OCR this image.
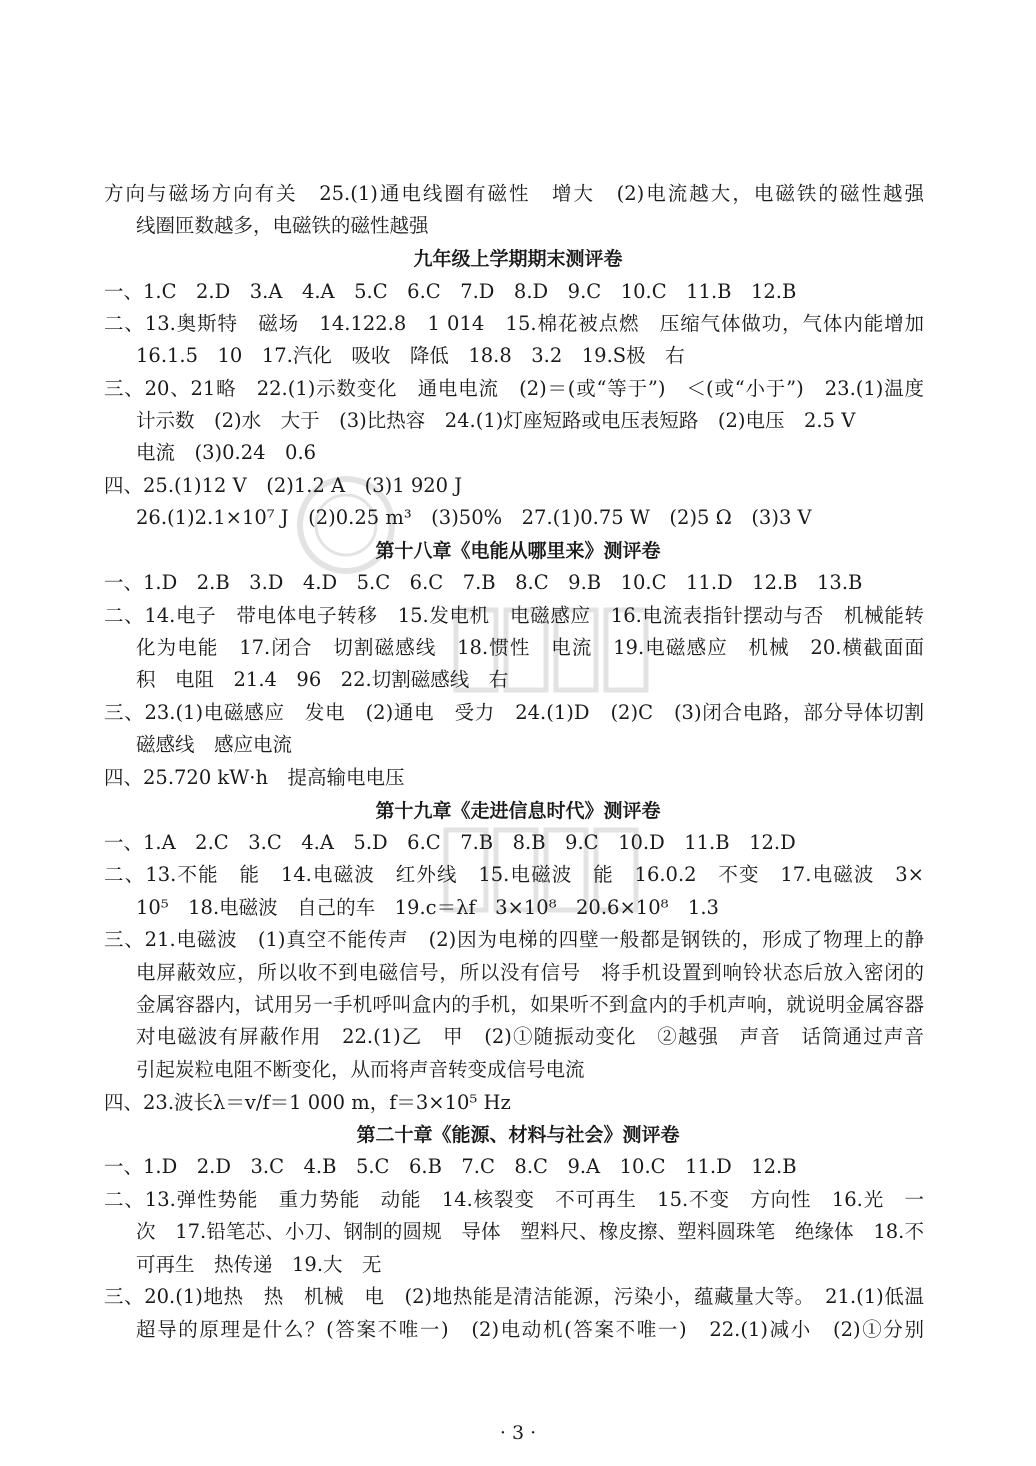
方向与磁场方向有关　25.(1)通电线圈有磁性　增大　(2)电流越大，电磁铁的磁性越强
线圈匝数越多，电磁铁的磁性越强
九年级上学期期末测评卷
一、1.C　2.D　3.A　4.A　5.C　6.C　7.D　8.D　9.C　10.C　11.B　12.B
二、13.奥斯特　磁场　14.122.8　1 014　15.棉花被点燃　压缩气体做功，气体内能增加
16.1.5　10　17.汽化　吸收　降低　18.8　3.2　19.S极　右
三、20、21略　22.(1)示数变化　通电电流　(2)＝(或“等于”)　＜(或“小于”)　23.(1)温度
计示数　(2)水　大于　(3)比热容　24.(1)灯座短路或电压表短路　(2)电压　2.5 V
电流　(3)0.24　0.6
四、25.(1)12 V　(2)1.2 A　(3)1 920 J
26.(1)2.1×10⁷ J　(2)0.25 m³　(3)50%　27.(1)0.75 W　(2)5 Ω　(3)3 V
第十八章《电能从哪里来》测评卷
一、1.D　2.B　3.D　4.D　5.C　6.C　7.B　8.C　9.B　10.C　11.D　12.B　13.B
二、14.电子　带电体电子转移　15.发电机　电磁感应　16.电流表指针摆动与否　机械能转
化为电能　17.闭合　切割磁感线　18.惯性　电流　19.电磁感应　机械　20.横截面面
积　电阻　21.4　96　22.切割磁感线　右
三、23.(1)电磁感应　发电　(2)通电　受力　24.(1)D　(2)C　(3)闭合电路，部分导体切割
磁感线　感应电流
四、25.720 kW·h　提高输电电压
第十九章《走进信息时代》测评卷
一、1.A　2.C　3.C　4.A　5.D　6.C　7.B　8.B　9.C　10.D　11.B　12.D
二、13.不能　能　14.电磁波　红外线　15.电磁波　能　16.0.2　不变　17.电磁波　3×
10⁵　18.电磁波　自己的车　19.c＝λf　3×10⁸　20.6×10⁸　1.3
三、21.电磁波　(1)真空不能传声　(2)因为电梯的四壁一般都是钢铁的，形成了物理上的静
电屏蔽效应，所以收不到电磁信号，所以没有信号　将手机设置到响铃状态后放入密闭的
金属容器内，试用另一手机呼叫盒内的手机，如果听不到盒内的手机声响，就说明金属容器
对电磁波有屏蔽作用　22.(1)乙　甲　(2)①随振动变化　②越强　声音　话筒通过声音
引起炭粒电阻不断变化，从而将声音转变成信号电流
四、23.波长λ＝v/f＝1 000 m，f＝3×10⁵ Hz
第二十章《能源、材料与社会》测评卷
一、1.D　2.D　3.C　4.B　5.C　6.B　7.C　8.C　9.A　10.C　11.D　12.B
二、13.弹性势能　重力势能　动能　14.核裂变　不可再生　15.不变　方向性　16.光　一
次　17.铅笔芯、小刀、钢制的圆规　导体　塑料尺、橡皮擦、塑料圆珠笔　绝缘体　18.不
可再生　热传递　19.大　无
三、20.(1)地热　热　机械　电　(2)地热能是清洁能源，污染小，蕴藏量大等。　21.(1)低温
超导的原理是什么？(答案不唯一)　(2)电动机(答案不唯一)　22.(1)减小　(2)①分别
· 3 ·
